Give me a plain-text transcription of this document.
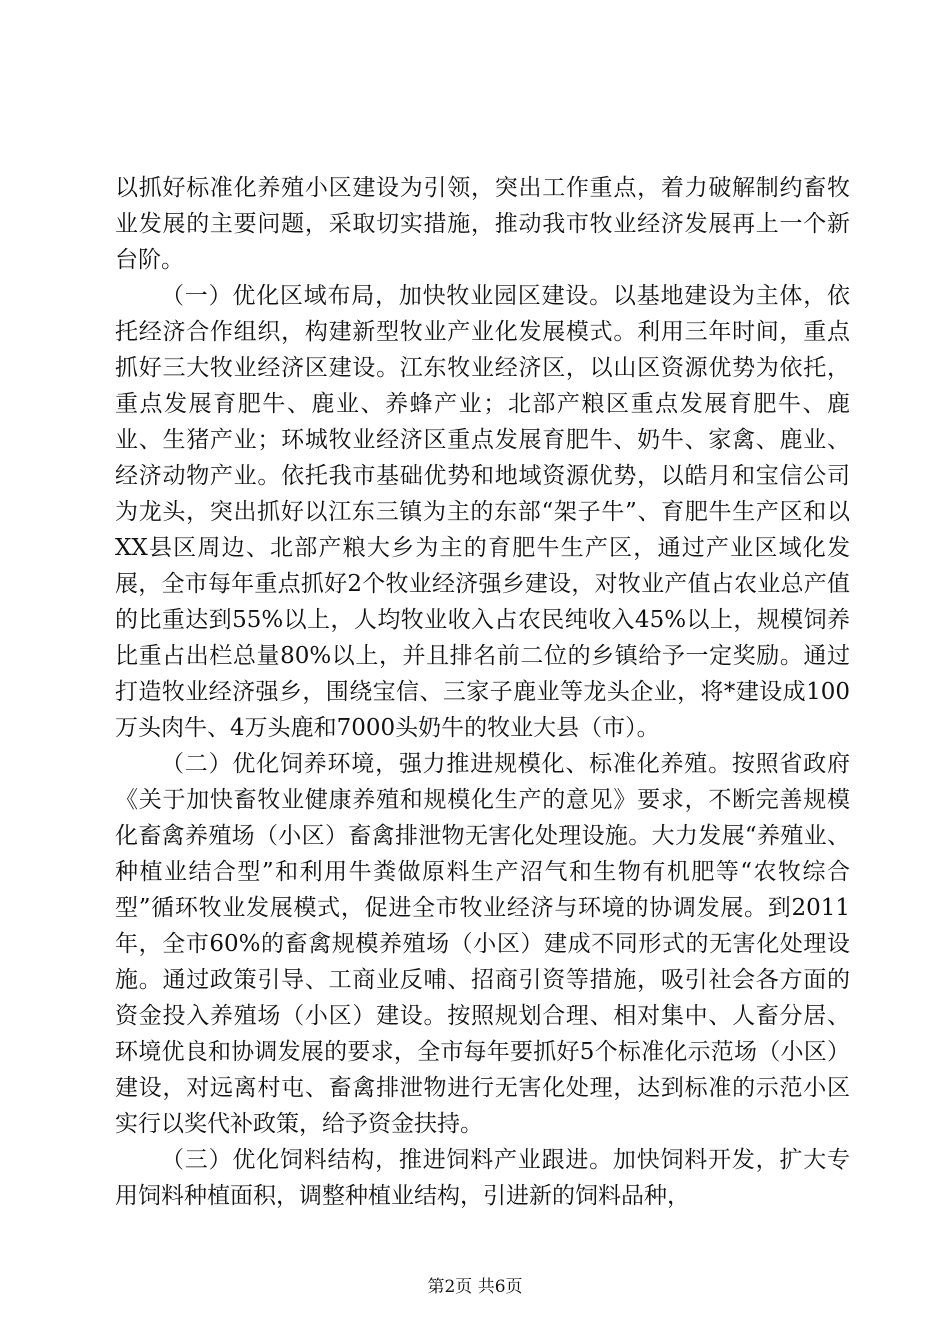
以抓好标准化养殖小区建设为引领，突出工作重点，着力破解制约畜牧业发展的主要问题，采取切实措施，推动我市牧业经济发展再上一个新台阶。

（一）优化区域布局，加快牧业园区建设。以基地建设为主体，依托经济合作组织，构建新型牧业产业化发展模式。利用三年时间，重点抓好三大牧业经济区建设。江东牧业经济区，以山区资源优势为依托，重点发展育肥牛、鹿业、养蜂产业；北部产粮区重点发展育肥牛、鹿业、生猪产业；环城牧业经济区重点发展育肥牛、奶牛、家禽、鹿业、经济动物产业。依托我市基础优势和地域资源优势，以皓月和宝信公司为龙头，突出抓好以江东三镇为主的东部“架子牛”、育肥牛生产区和以XX县区周边、北部产粮大乡为主的育肥牛生产区，通过产业区域化发展，全市每年重点抓好2个牧业经济强乡建设，对牧业产值占农业总产值的比重达到55%以上，人均牧业收入占农民纯收入45%以上，规模饲养比重占出栏总量80%以上，并且排名前二位的乡镇给予一定奖励。通过打造牧业经济强乡，围绕宝信、三家子鹿业等龙头企业，将*建设成100万头肉牛、4万头鹿和7000头奶牛的牧业大县（市）。

（二）优化饲养环境，强力推进规模化、标准化养殖。按照省政府《关于加快畜牧业健康养殖和规模化生产的意见》要求，不断完善规模化畜禽养殖场（小区）畜禽排泄物无害化处理设施。大力发展“养殖业、种植业结合型”和利用牛粪做原料生产沼气和生物有机肥等“农牧综合型”循环牧业发展模式，促进全市牧业经济与环境的协调发展。到2011年，全市60%的畜禽规模养殖场（小区）建成不同形式的无害化处理设施。通过政策引导、工商业反哺、招商引资等措施，吸引社会各方面的资金投入养殖场（小区）建设。按照规划合理、相对集中、人畜分居、环境优良和协调发展的要求，全市每年要抓好5个标准化示范场（小区）建设，对远离村屯、畜禽排泄物进行无害化处理，达到标准的示范小区实行以奖代补政策，给予资金扶持。

（三）优化饲料结构，推进饲料产业跟进。加快饲料开发，扩大专用饲料种植面积，调整种植业结构，引进新的饲料品种，

第2页 共6页
